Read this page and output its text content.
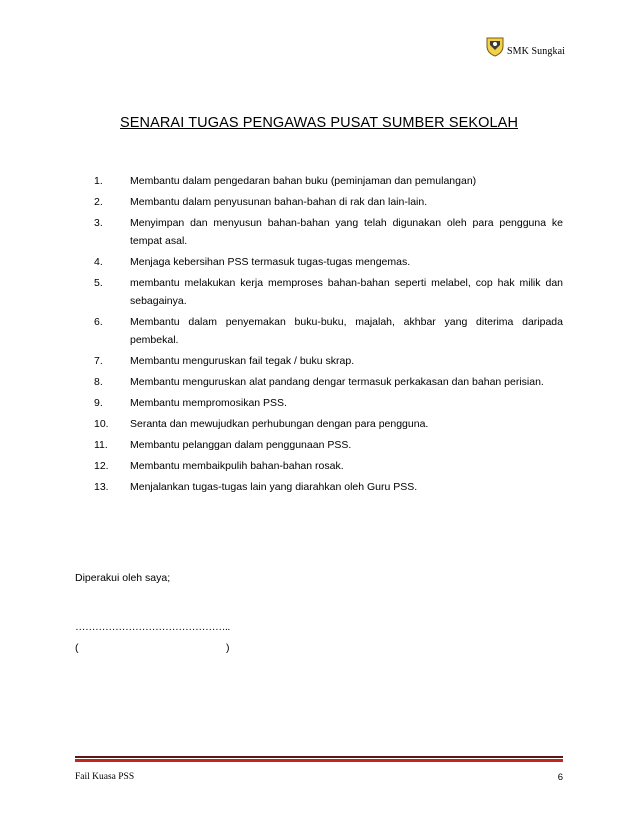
SMK Sungkai
SENARAI TUGAS PENGAWAS PUSAT SUMBER SEKOLAH
1.	Membantu dalam pengedaran bahan buku (peminjaman dan pemulangan)
2.	Membantu dalam penyusunan bahan-bahan di rak dan lain-lain.
3.	Menyimpan dan menyusun bahan-bahan yang telah digunakan oleh para pengguna ke tempat asal.
4.	Menjaga kebersihan PSS termasuk tugas-tugas mengemas.
5.	membantu melakukan kerja memproses bahan-bahan seperti melabel, cop hak milik dan sebagainya.
6.	Membantu dalam penyemakan buku-buku, majalah, akhbar yang diterima daripada pembekal.
7.	Membantu menguruskan fail tegak / buku skrap.
8.	Membantu menguruskan alat pandang dengar termasuk perkakasan dan bahan perisian.
9.	Membantu mempromosikan PSS.
10. Seranta dan mewujudkan perhubungan dengan para pengguna.
11. Membantu pelanggan dalam penggunaan PSS.
12. Membantu membaikpulih bahan-bahan rosak.
13. Menjalankan tugas-tugas lain yang diarahkan oleh Guru PSS.
Diperakui oleh saya;
………………………………………..
(	)
Fail Kuasa PSS	6
